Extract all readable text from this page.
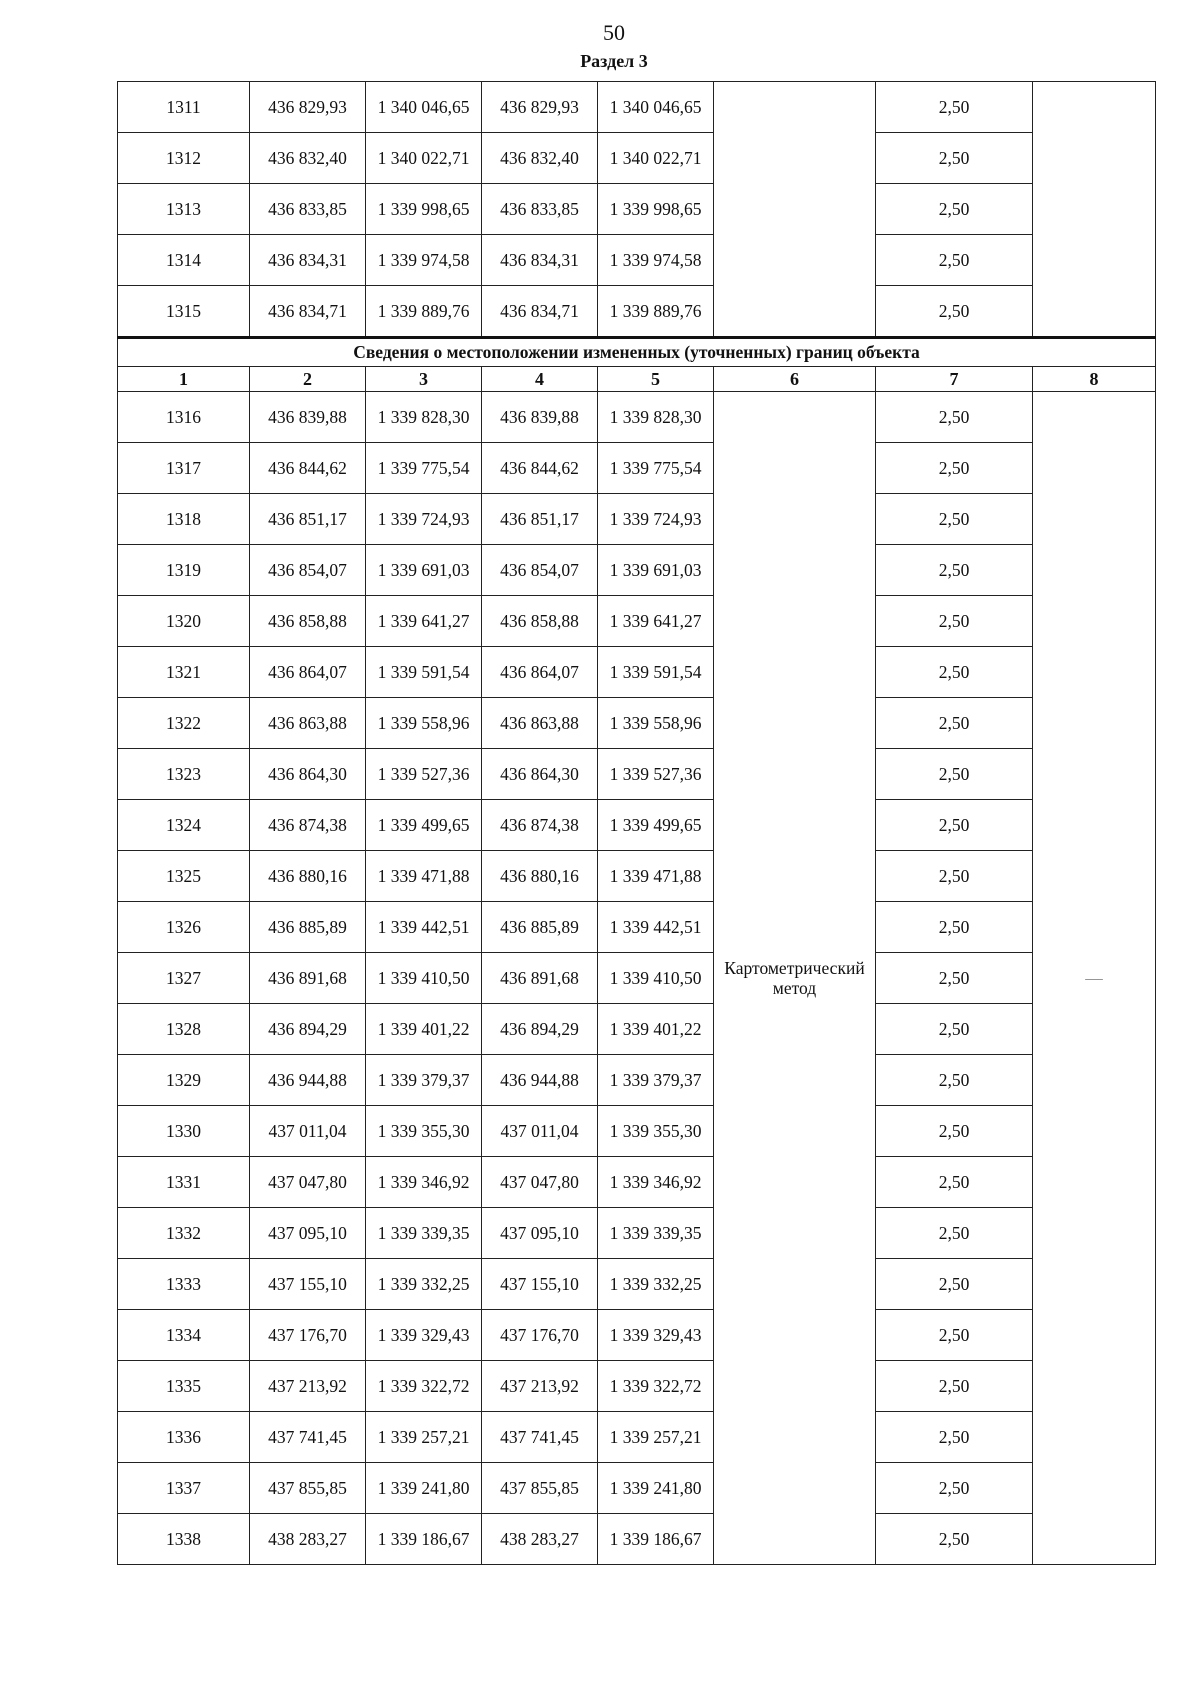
50
Раздел 3
1311	436 829,93	1 340 046,65	436 829,93	1 340 046,65		2,50	
1312	436 832,40	1 340 022,71	436 832,40	1 340 022,71		2,50	
1313	436 833,85	1 339 998,65	436 833,85	1 339 998,65		2,50	
1314	436 834,31	1 339 974,58	436 834,31	1 339 974,58		2,50	
1315	436 834,71	1 339 889,76	436 834,71	1 339 889,76		2,50	
Сведения о местоположении измененных (уточненных) границ объекта							
1	2	3	4	5	6	7	8
1316	436 839,88	1 339 828,30	436 839,88	1 339 828,30	Картометрический метод	2,50	—
1317	436 844,62	1 339 775,54	436 844,62	1 339 775,54		2,50	
1318	436 851,17	1 339 724,93	436 851,17	1 339 724,93		2,50	
1319	436 854,07	1 339 691,03	436 854,07	1 339 691,03		2,50	
1320	436 858,88	1 339 641,27	436 858,88	1 339 641,27		2,50	
1321	436 864,07	1 339 591,54	436 864,07	1 339 591,54		2,50	
1322	436 863,88	1 339 558,96	436 863,88	1 339 558,96		2,50	
1323	436 864,30	1 339 527,36	436 864,30	1 339 527,36		2,50	
1324	436 874,38	1 339 499,65	436 874,38	1 339 499,65		2,50	
1325	436 880,16	1 339 471,88	436 880,16	1 339 471,88		2,50	
1326	436 885,89	1 339 442,51	436 885,89	1 339 442,51		2,50	
1327	436 891,68	1 339 410,50	436 891,68	1 339 410,50		2,50	
1328	436 894,29	1 339 401,22	436 894,29	1 339 401,22		2,50	
1329	436 944,88	1 339 379,37	436 944,88	1 339 379,37		2,50	
1330	437 011,04	1 339 355,30	437 011,04	1 339 355,30		2,50	
1331	437 047,80	1 339 346,92	437 047,80	1 339 346,92		2,50	
1332	437 095,10	1 339 339,35	437 095,10	1 339 339,35		2,50	
1333	437 155,10	1 339 332,25	437 155,10	1 339 332,25		2,50	
1334	437 176,70	1 339 329,43	437 176,70	1 339 329,43		2,50	
1335	437 213,92	1 339 322,72	437 213,92	1 339 322,72		2,50	
1336	437 741,45	1 339 257,21	437 741,45	1 339 257,21		2,50	
1337	437 855,85	1 339 241,80	437 855,85	1 339 241,80		2,50	
1338	438 283,27	1 339 186,67	438 283,27	1 339 186,67		2,50	
